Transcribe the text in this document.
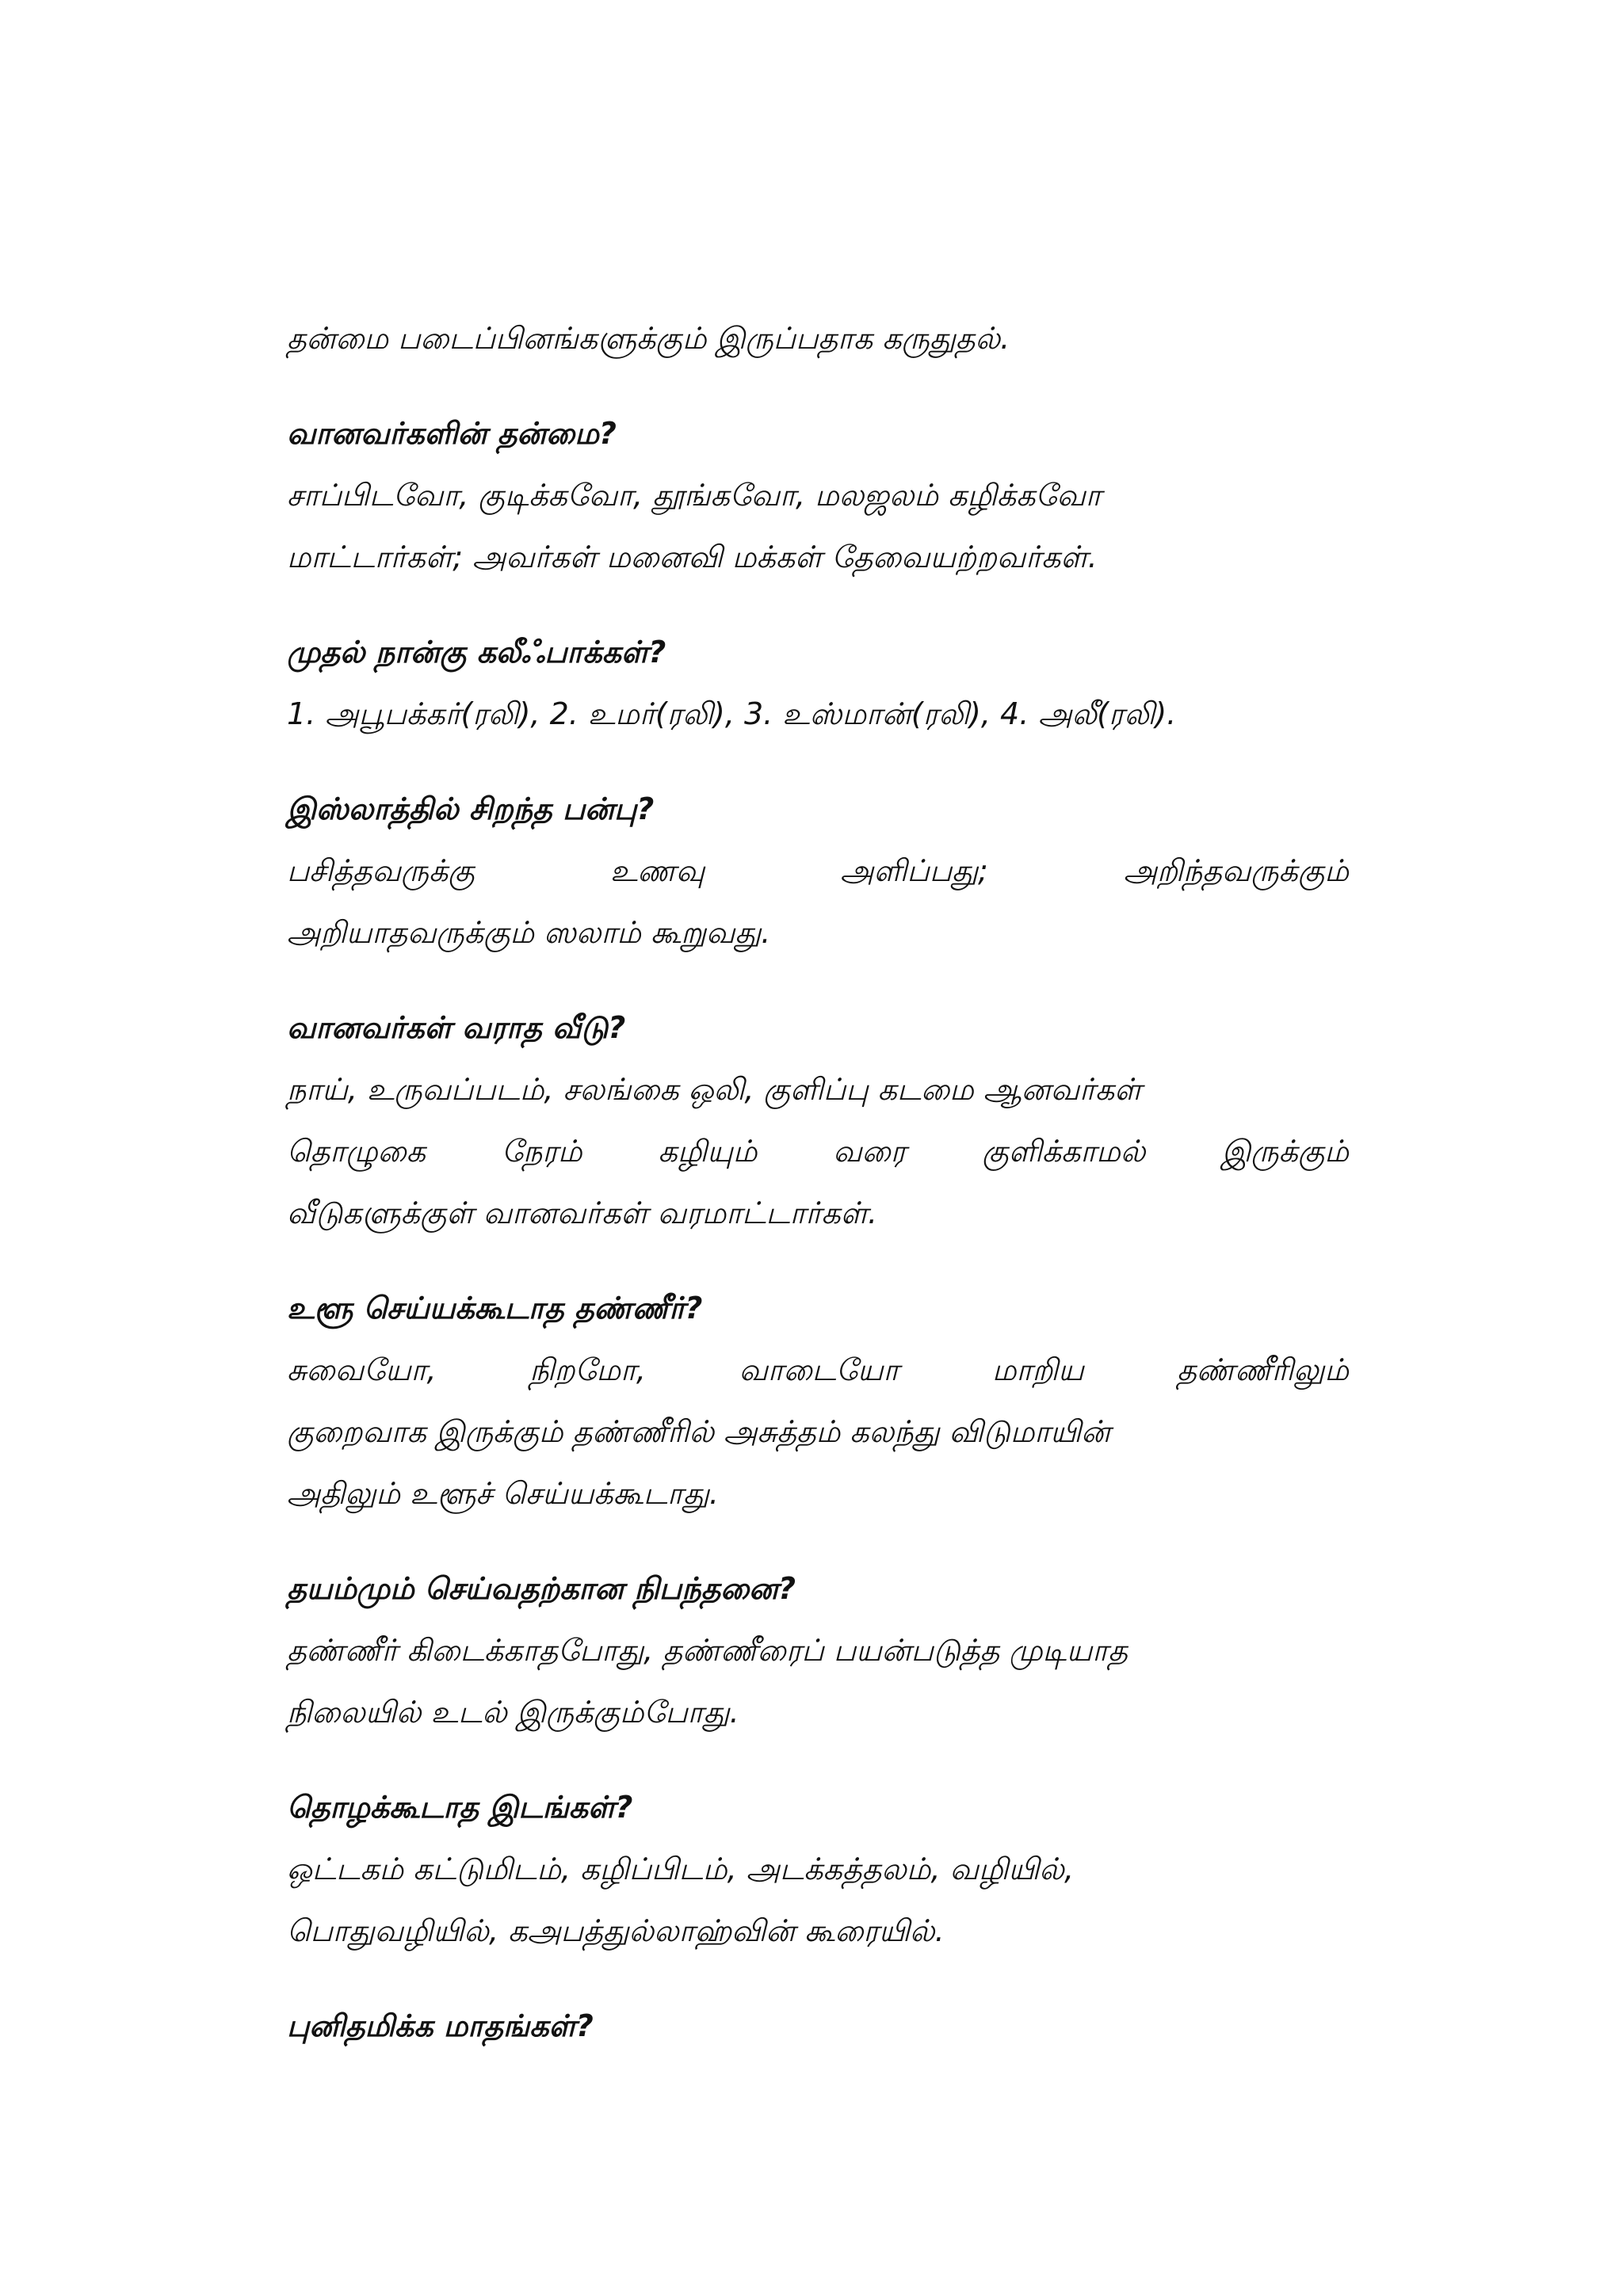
தன்மை படைப்பினங்களுக்கும் இருப்பதாக கருதுதல்.
வானவர்களின் தன்மை?
சாப்பிடவோ, குடிக்கவோ, தூங்கவோ, மலஜலம் கழிக்கவோ
மாட்டார்கள்; அவர்கள் மனைவி மக்கள் தேவையற்றவர்கள்.
முதல் நான்கு கலீஃபாக்கள்?
1. அபூபக்கர்(ரலி), 2. உமர்(ரலி), 3. உஸ்மான்(ரலி), 4. அலீ(ரலி).
இஸ்லாத்தில் சிறந்த பன்பு?
பசித்தவருக்கு உணவு அளிப்பது; அறிந்தவருக்கும்
அறியாதவருக்கும் ஸலாம் கூறுவது.
வானவர்கள் வராத வீடு?
நாய், உருவப்படம், சலங்கை ஒலி, குளிப்பு கடமை ஆனவர்கள்
தொழுகை நேரம் கழியும் வரை குளிக்காமல் இருக்கும்
வீடுகளுக்குள் வானவர்கள் வரமாட்டார்கள்.
உளூ செய்யக்கூடாத தண்ணீர்?
சுவையோ, நிறமோ, வாடையோ மாறிய தண்ணீரிலும்
குறைவாக இருக்கும் தண்ணீரில் அசுத்தம் கலந்து விடுமாயின்
அதிலும் உளூச் செய்யக்கூடாது.
தயம்மும் செய்வதற்கான நிபந்தனை?
தண்ணீர் கிடைக்காதபோது, தண்ணீரைப் பயன்படுத்த முடியாத
நிலையில் உடல் இருக்கும்போது.
தொழக்கூடாத இடங்கள்?
ஒட்டகம் கட்டுமிடம், கழிப்பிடம், அடக்கத்தலம், வழியில்,
பொதுவழியில், கஅபத்துல்லாஹ்வின் கூரையில்.
புனிதமிக்க மாதங்கள்?
